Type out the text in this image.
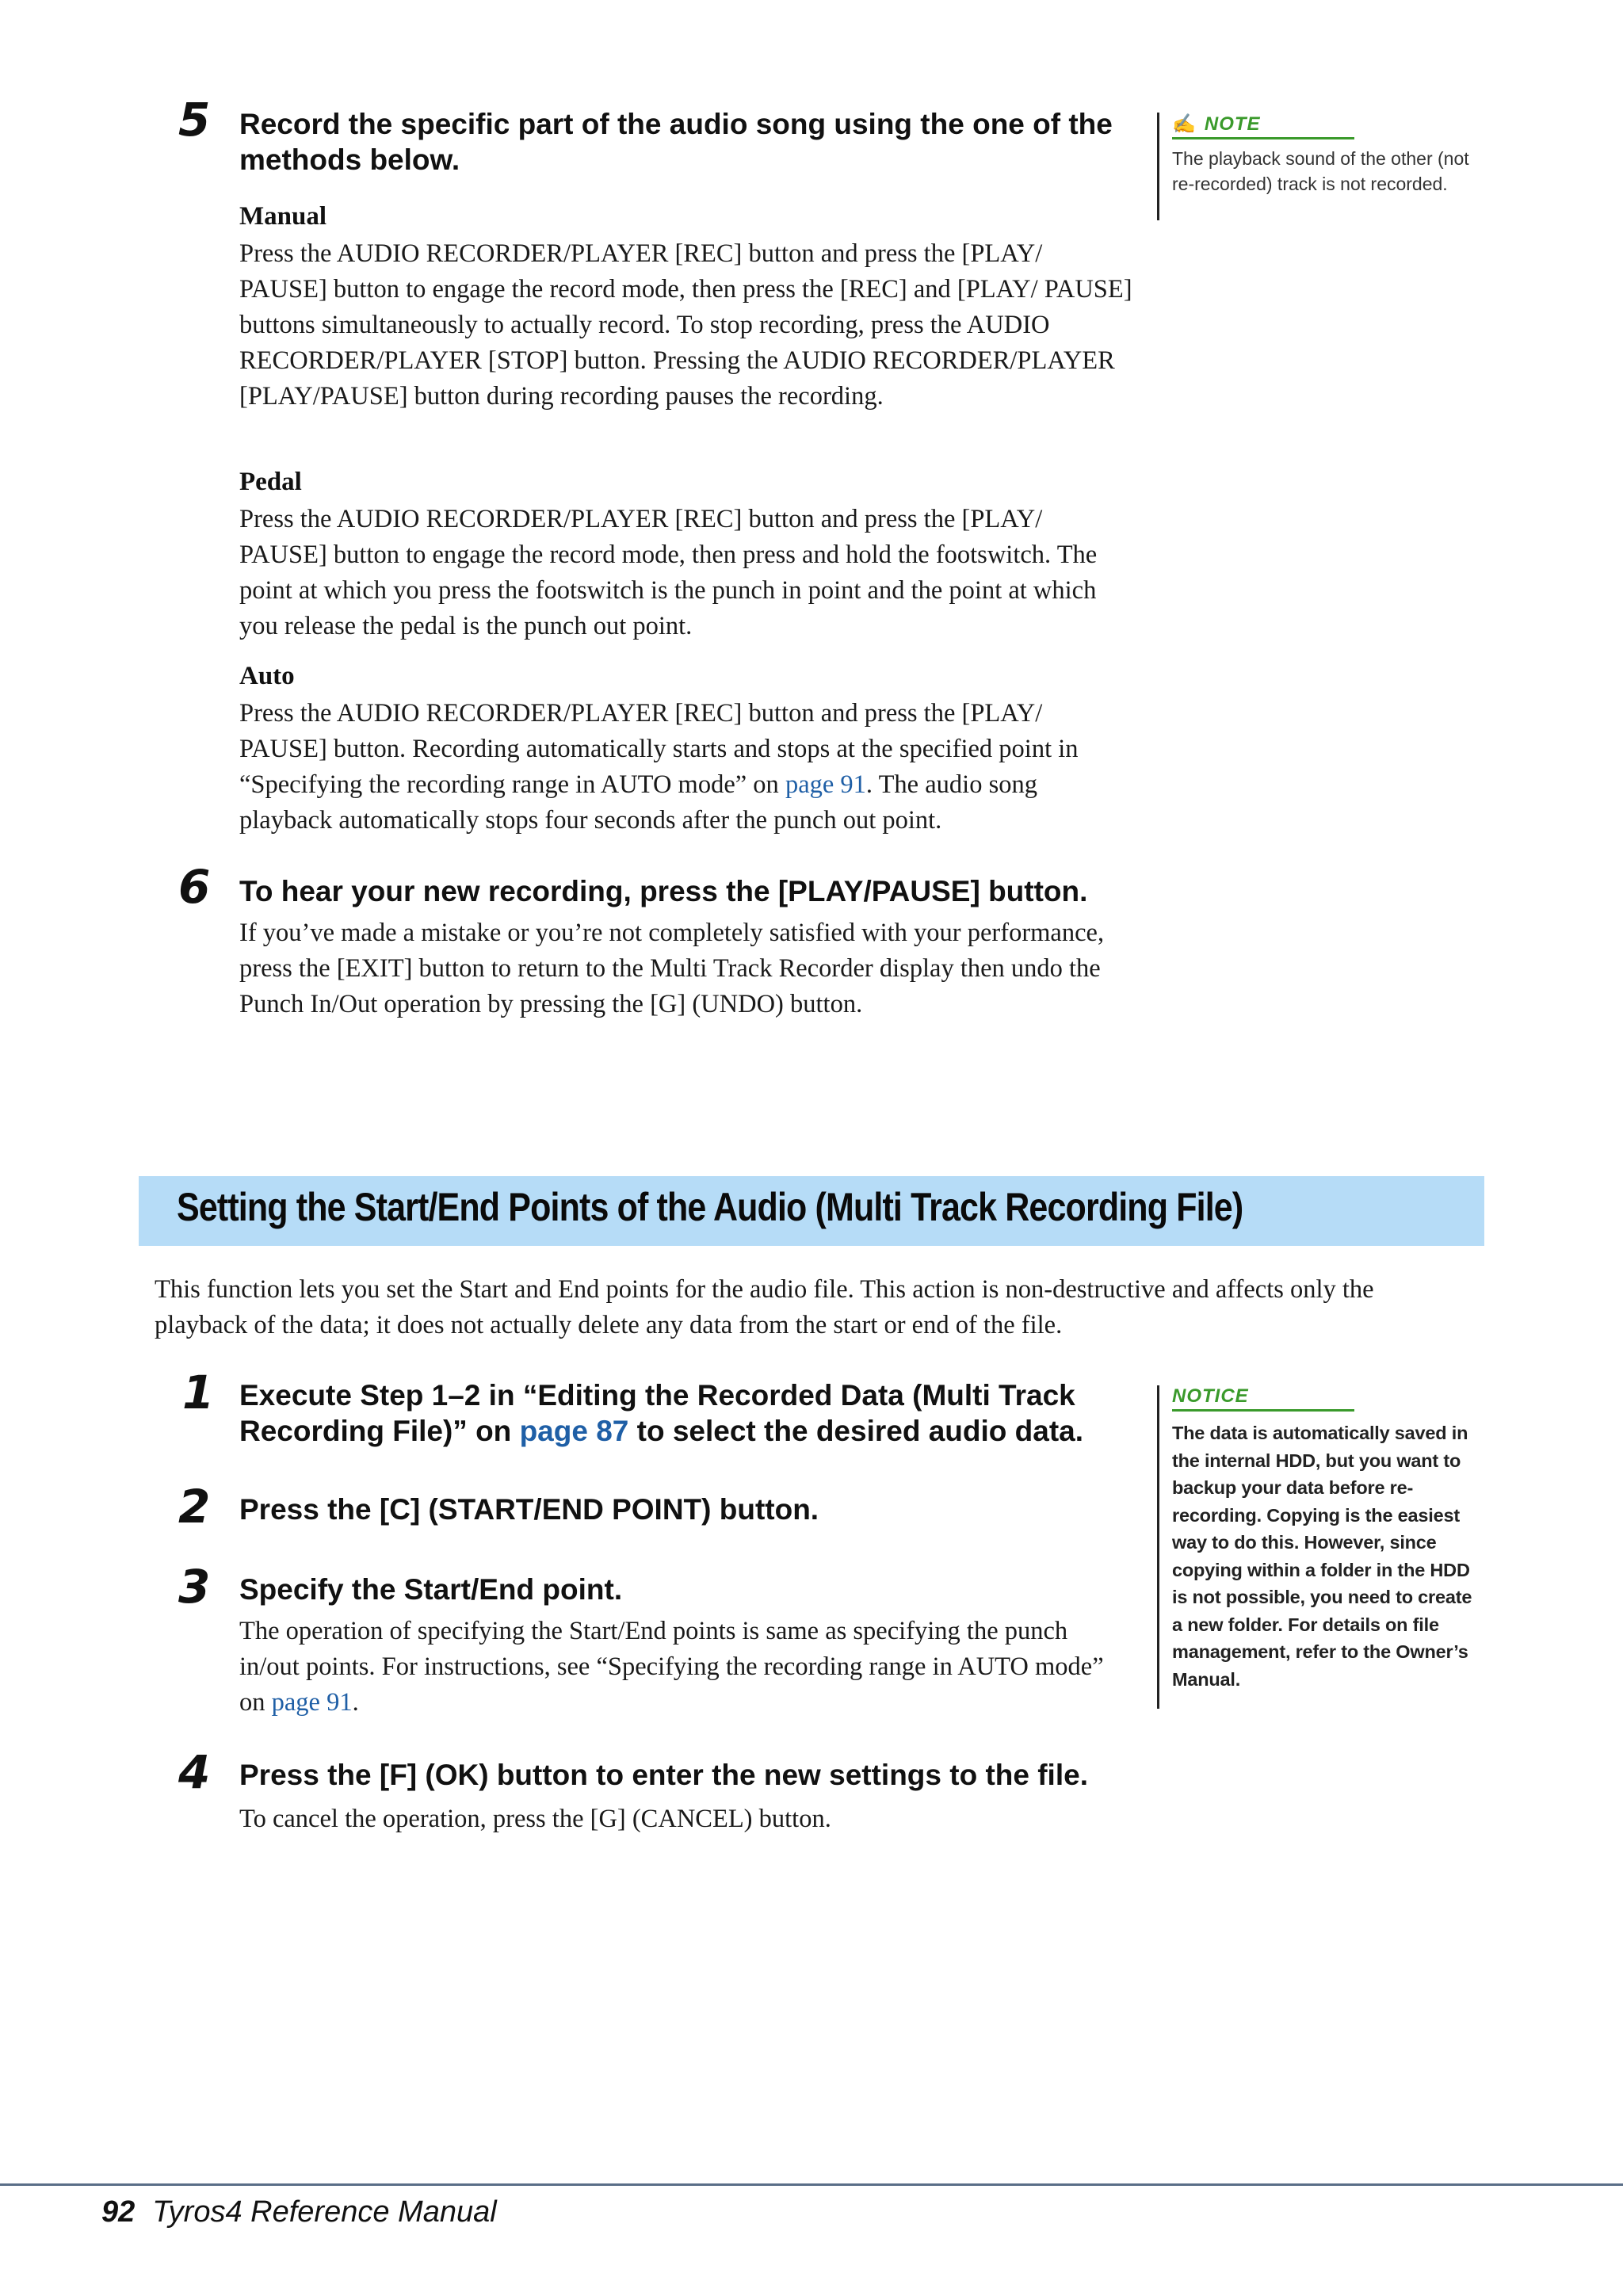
5 Record the specific part of the audio song using the one of the methods below.
Manual
Press the AUDIO RECORDER/PLAYER [REC] button and press the [PLAY/ PAUSE] button to engage the record mode, then press the [REC] and [PLAY/ PAUSE] buttons simultaneously to actually record. To stop recording, press the AUDIO RECORDER/PLAYER [STOP] button. Pressing the AUDIO RECORDER/PLAYER [PLAY/PAUSE] button during recording pauses the recording.
Pedal
Press the AUDIO RECORDER/PLAYER [REC] button and press the [PLAY/ PAUSE] button to engage the record mode, then press and hold the footswitch. The point at which you press the footswitch is the punch in point and the point at which you release the pedal is the punch out point.
Auto
Press the AUDIO RECORDER/PLAYER [REC] button and press the [PLAY/ PAUSE] button. Recording automatically starts and stops at the specified point in “Specifying the recording range in AUTO mode” on page 91. The audio song playback automatically stops four seconds after the punch out point.
6 To hear your new recording, press the [PLAY/PAUSE] button.
If you’ve made a mistake or you’re not completely satisfied with your performance, press the [EXIT] button to return to the Multi Track Recorder display then undo the Punch In/Out operation by pressing the [G] (UNDO) button.
✍ NOTE
The playback sound of the other (not re-recorded) track is not recorded.
Setting the Start/End Points of the Audio (Multi Track Recording File)
This function lets you set the Start and End points for the audio file. This action is non-destructive and affects only the playback of the data; it does not actually delete any data from the start or end of the file.
1 Execute Step 1–2 in “Editing the Recorded Data (Multi Track Recording File)” on page 87 to select the desired audio data.
2 Press the [C] (START/END POINT) button.
3 Specify the Start/End point.
The operation of specifying the Start/End points is same as specifying the punch in/out points. For instructions, see “Specifying the recording range in AUTO mode” on page 91.
4 Press the [F] (OK) button to enter the new settings to the file.
To cancel the operation, press the [G] (CANCEL) button.
NOTICE
The data is automatically saved in the internal HDD, but you want to backup your data before re-recording. Copying is the easiest way to do this. However, since copying within a folder in the HDD is not possible, you need to create a new folder. For details on file management, refer to the Owner’s Manual.
92 Tyros4 Reference Manual
